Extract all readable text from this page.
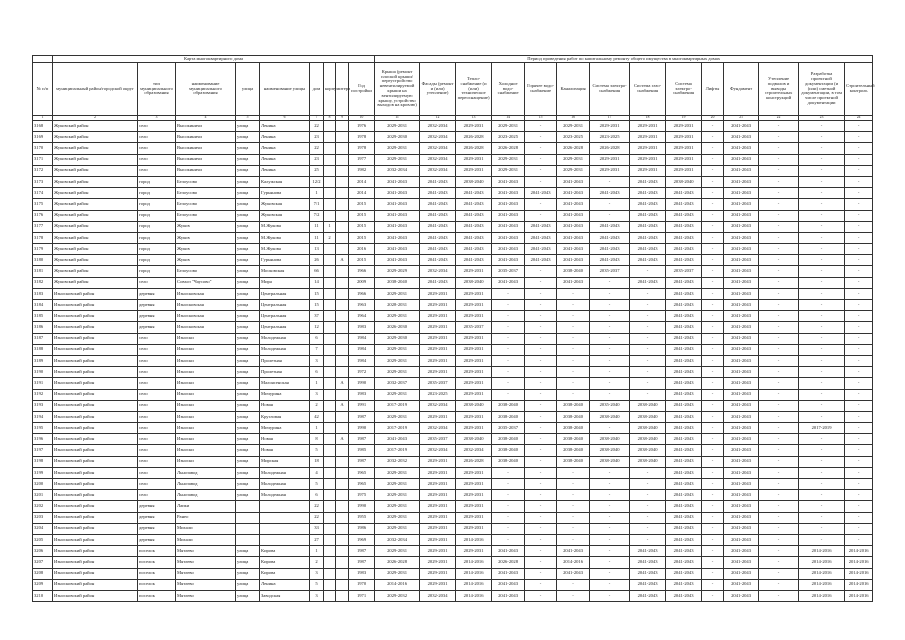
	Карта многоквартирного дома									Период проведения работ по капитальному ремонту общего имущества в многоквартирных домах													
№ п/п	муниципальный район/городской округ	тип муниципального образования	наименование муниципального образования	улица	наименование улицы	дом	корпус	литера	Год постройки	Крыша (ремонт плоской крыши/переустройство невентилируемой крыши на вентилируемую крышу, устройство выходов на кровлю)	Фасады (ремонт и (или) утепление)	Тепло-снабжение (и (или) техническое переоснащение)	Холодное водо-снабжение	Горячее водо-снабжение	Канализация	Система электро-снабжения	Система газо-снабжения	Система электро-снабжения	Лифты	Фундамент	Утепление подвалов и выводы строительных конструкций	Разработка проектной документации (и (или) сметной документации, в том числе проектной документации	Строительный контроль
1	2	3	4	5	6	7	8	9	10	11	12	13	14	15	16	17	18	19	20	21	22	23	24
3168	Жуковский район	село	Высокиничи	улица	Ленина	22			1976	2029-2031	2032-2034	2029-2031	2029-2031	-	2029-2031	2029-2031	2029-2031	2029-2031	-	2041-2043	-	-	-
3169	Жуковский район	село	Высокиничи	улица	Ленина	23			1978	2029-2030	2032-2034	2026-2028	2023-2025	-	2023-2025	2023-2025	2029-2031	2029-2031	-	2041-2043	-	-	-
3170	Жуковский район	село	Высокиничи	улица	Ленина	22			1978	2029-2031	2032-2034	2026-2028	2026-2028	-	2026-2028	2026-2028	2029-2031	2029-2031	-	2041-2043	-	-	-
3171	Жуковский район	село	Высокиничи	улица	Ленина	23			1977	2029-2031	2032-2034	2029-2031	2029-2031	-	2029-2031	2029-2031	2029-2031	2029-2031	-	2041-2043	-	-	-
3172	Жуковский район	село	Высокиничи	улица	Ленина	25			1982	2032-2034	2032-2034	2029-2031	2029-2031	-	2029-2031	2029-2031	2029-2031	2029-2031	-	2041-2043	-	-	-
3173	Жуковский район	город	Белоусово	улица	Калужская	12/2			2014	2041-2043	2041-2043	2038-2040	2041-2043	-	2041-2043	-	2041-2043	2038-2040	-	2041-2043	-	-	-
3174	Жуковский район	город	Белоусово	улица	Гурьянова	1			2014	2041-2043	2041-2043	2041-2043	2041-2043	2041-2043	2041-2043	2041-2043	2041-2043	2041-2043	-	2041-2043	-	-	-
3175	Жуковский район	город	Белоусово	улица	Жуковская	7/1			2015	2041-2043	2041-2043	2041-2043	2041-2043	-	2041-2043	-	2041-2043	2041-2043	-	2041-2043	-	-	-
3176	Жуковский район	город	Белоусово	улица	Жуковская	7/2			2015	2041-2043	2041-2043	2041-2043	2041-2043	-	2041-2043	-	2041-2043	2041-2043	-	2041-2043	-	-	-
3177	Жуковский район	город	Жуков	улица	М.Жукова	11	1		2015	2041-2043	2041-2043	2041-2043	2041-2043	2041-2043	2041-2043	2041-2043	2041-2043	2041-2043	-	2041-2043	-	-	-
3178	Жуковский район	город	Жуков	улица	М.Жукова	11	2		2015	2041-2043	2041-2043	2041-2043	2041-2043	2041-2043	2041-2043	2041-2043	2041-2043	2041-2043	-	2041-2043	-	-	-
3179	Жуковский район	город	Жуков	улица	М.Жукова	13			2016	2041-2043	2041-2043	2041-2043	2041-2043	2041-2043	2041-2043	2041-2043	2041-2043	2041-2043	-	2041-2043	-	-	-
3180	Жуковский район	город	Жуков	улица	Гурьянова	26		А	2015	2041-2043	2041-2043	2041-2043	2041-2043	2041-2043	2041-2043	2041-2043	2041-2043	2041-2043	-	2041-2043	-	-	-
3181	Жуковский район	город	Белоусово	улица	Московская	66			1966	2029-2029	2032-2034	2029-2031	2035-2037	-	2038-2040	2035-2037	-	2035-2037	-	2041-2043	-	-	-
3182	Жуковский район	село	Совхоз "Чаусово"	улица	Мира	14			2009	2038-2040	2041-2043	2038-2040	2041-2043	-	2041-2043	-	2041-2043	2041-2043	-	2041-2043	-	-	-
3183	Износковский район	деревня	Износковская	улица	Центральная	15			1966	2029-2031	2029-2031	2029-2031	-	-	-	-	-	2041-2043	-	2041-2043	-	-	-
3184	Износковский район	деревня	Износковская	улица	Центральная	15			1963	2028-2031	2029-2031	2029-2031	-	-	-	-	-	2041-2043	-	2041-2043	-	-	-
3185	Износковский район	деревня	Износковская	улица	Центральная	37			1964	2029-2031	2029-2031	2029-2031	-	-	-	-	-	2041-2043	-	2041-2043	-	-	-
3186	Износковский район	деревня	Износковская	улица	Центральная	12			1983	2026-2030	2029-2031	2035-2037	-	-	-	-	-	2041-2043	-	2041-2043	-	-	-
3187	Износковский район	село	Износки	улица	Молодежная	6			1984	2029-2030	2029-2031	2029-2031	-	-	-	-	-	2041-2043	-	2041-2043	-	-	-
3188	Износковский район	село	Износки	улица	Молодежная	7			1984	2029-2031	2029-2031	2029-2031	-	-	-	-	-	2041-2043	-	2041-2043	-	-	-
3189	Износковский район	село	Износки	улица	Пролетная	3			1984	2029-2031	2029-2031	2029-2031	-	-	-	-	-	2041-2043	-	2041-2043	-	-	-
3190	Износковский район	село	Износки	улица	Пролетная	6			1972	2029-2031	2029-2031	2029-2031	-	-	-	-	-	2041-2043	-	2041-2043	-	-	-
3191	Износковский район	село	Износки	улица	Малоясенская	1		А	1990	2032-2037	2035-2037	2029-2031	-	-	-	-	-	2041-2043	-	2041-2043	-	-	-
3192	Износковский район	село	Износки	улица	Мичурина	3			1983	2029-2031	2023-2025	2029-2031	-	-	-	-	-	2041-2043	-	2041-2043	-	-	-
3193	Износковский район	село	Износки	улица	Новая	2		А	1991	2017-2019	2032-2034	2038-2040	2038-2040	-	2038-2040	2035-2040	2038-2040	2041-2043	-	2041-2043	-	-	-
3194	Износковский район	село	Износки	улица	Кругловая	42			1987	2029-2031	2029-2031	2029-2031	2038-2040	-	2038-2040	2038-2040	2038-2040	2041-2043	-	2041-2043	-	-	-
3195	Износковский район	село	Износки	улица	Мичурина	1			1990	2017-2019	2032-2034	2029-2031	2035-2037	-	2038-2040	-	2038-2040	2041-2043	-	2041-2043	-	2017-2019	-
3196	Износковский район	село	Износки	улица	Новая	8		А	1987	2041-2043	2035-2037	2038-2040	2038-2040	-	2038-2040	2038-2040	2038-2040	2041-2043	-	2041-2043	-	-	-
3197	Износковский район	село	Износки	улица	Новая	5			1985	2017-2019	2032-2034	2032-2034	2038-2040	-	2038-2040	2038-2040	2038-2040	2041-2043	-	2041-2043	-	-	-
3198	Износковский район	село	Износки	улица	Мирская	18			1987	2032-2032	2029-2031	2026-2028	2038-2040	-	2038-2040	2038-2040	2038-2040	2041-2043	-	2041-2043	-	-	-
3199	Износковский район	село	Льнозавод	улица	Молодежная	4			1965	2029-2031	2029-2031	2029-2031	-	-	-	-	-	2041-2043	-	2041-2043	-	-	-
3200	Износковский район	село	Льнозавод	улица	Молодежная	5			1965	2029-2031	2029-2031	2029-2031	-	-	-	-	-	2041-2043	-	2041-2043	-	-	-
3201	Износковский район	село	Льнозавод	улица	Молодежная	6			1975	2029-2031	2029-2031	2029-2031	-	-	-	-	-	2041-2043	-	2041-2043	-	-	-
3202	Износковский район	деревня	Лапки			22			1990	2029-2031	2029-2031	2029-2031	-	-	-	-	-	2041-2043	-	2041-2043	-	-	-
3203	Износковский район	деревня	Ранео			22			1955	2029-2031	2029-2031	2029-2031	-	-	-	-	-	2041-2043	-	2041-2043	-	-	-
3204	Износковский район	деревня	Михали			33			1986	2029-2031	2029-2031	2029-2031	-	-	-	-	-	2041-2043	-	2041-2043	-	-	-
3205	Износковский район	деревня	Михали			27			1969	2032-2034	2029-2031	2014-2016	-	-	-	-	-	2041-2043	-	2041-2043	-	-	-
3206	Износковский район	поселок	Мятлево	улица	Кирова	1			1987	2029-2031	2029-2031	2029-2031	2041-2043	-	2041-2043	-	2041-2043	2041-2043	-	2041-2043	-	2014-2016	2014-2016
3207	Износковский район	поселок	Мятлево	улица	Кирова	2			1987	2026-2028	2029-2031	2014-2016	2026-2028	-	2014-2016	-	2041-2043	2041-2043	-	2041-2043	-	2014-2016	2014-2016
3208	Износковский район	поселок	Мятлево	улица	Кирова	3			1983	2029-2031	2029-2031	2014-2016	2041-2043	-	2041-2043	-	2041-2043	2041-2043	-	2041-2043	-	2014-2016	2014-2016
3209	Износковский район	поселок	Мятлево	улица	Ленина	5			1970	2014-2016	2029-2031	2014-2016	2041-2043	-	-	-	2041-2043	2041-2043	-	2041-2043	-	2014-2016	2014-2016
3210	Износковский район	поселок	Мятлево	улица	Заводская	3			1971	2029-2032	2032-2034	2014-2016	2041-2043	-	-	-	2041-2043	2041-2043	-	2041-2043	-	2014-2016	2014-2016
